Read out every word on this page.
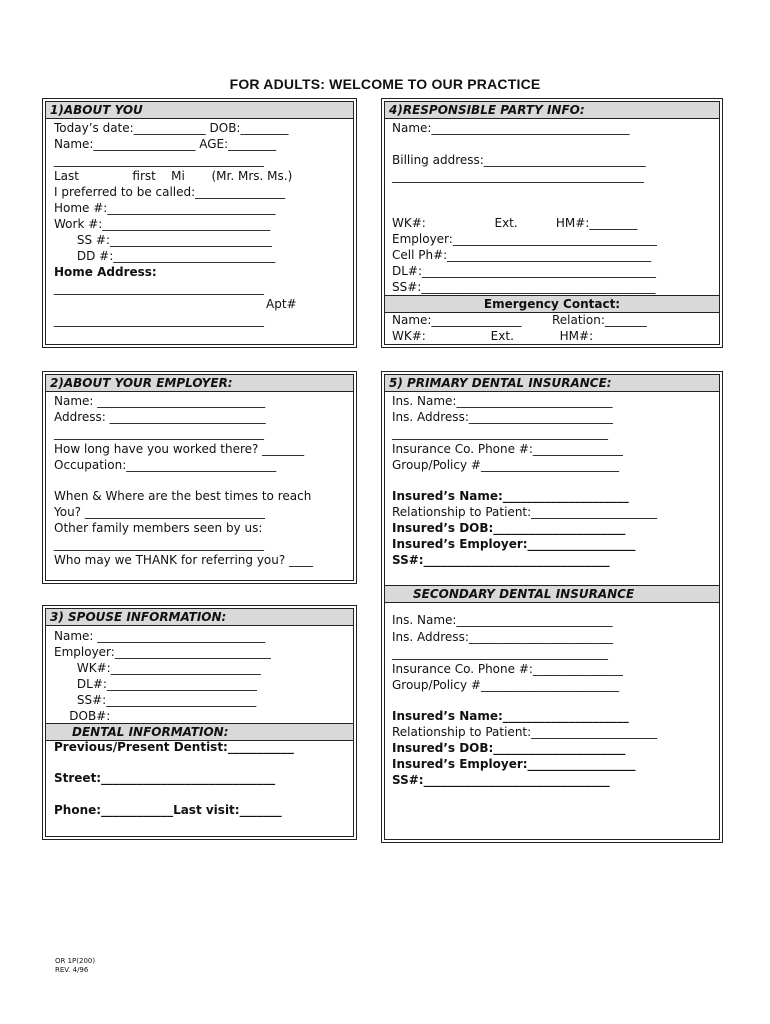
FOR ADULTS: WELCOME TO OUR PRACTICE
1)ABOUT YOU
Today’s date:____________ DOB:________
Name:_________________ AGE:________
___________________________________
Last              first    Mi       (Mr. Mrs. Ms.)
I preferred to be called:_______________
Home #:____________________________
Work #:____________________________
SS #:___________________________
DD #:___________________________
Home Address:
___________________________________
Apt#
___________________________________

4)RESPONSIBLE PARTY INFO:
Name:_________________________________
Billing address:___________________________
__________________________________________

WK#:                  Ext.          HM#:________
Employer:__________________________________
Cell Ph#:__________________________________
DL#:_______________________________________
SS#:_______________________________________
Emergency Contact:
Name:_______________        Relation:_______
WK#:                 Ext.            HM#:
2)ABOUT YOUR EMPLOYER:
Name: ____________________________
Address: __________________________
___________________________________
How long have you worked there? _______
Occupation:_________________________
When & Where are the best times to reach
You? ______________________________
Other family members seen by us:
___________________________________
Who may we THANK for referring you? ____
5) PRIMARY DENTAL INSURANCE:
Ins. Name:__________________________
Ins. Address:________________________
____________________________________
Insurance Co. Phone #:_______________
Group/Policy #_______________________
Insured’s Name:_____________________
Relationship to Patient:_____________________
Insured’s DOB:______________________
Insured’s Employer:__________________
SS#:_______________________________

SECONDARY DENTAL INSURANCE
Ins. Name:__________________________
Ins. Address:________________________
____________________________________
Insurance Co. Phone #:_______________
Group/Policy #_______________________
Insured’s Name:_____________________
Relationship to Patient:_____________________
Insured’s DOB:______________________
Insured’s Employer:__________________
SS#:_______________________________

3) SPOUSE INFORMATION:
Name: ____________________________
Employer:__________________________
WK#:_________________________
DL#:_________________________
SS#:_________________________
DOB#:
DENTAL INFORMATION:
Previous/Present Dentist:___________
Street:_____________________________
Phone:____________Last visit:_______
OR 1P(200)
REV. 4/96
